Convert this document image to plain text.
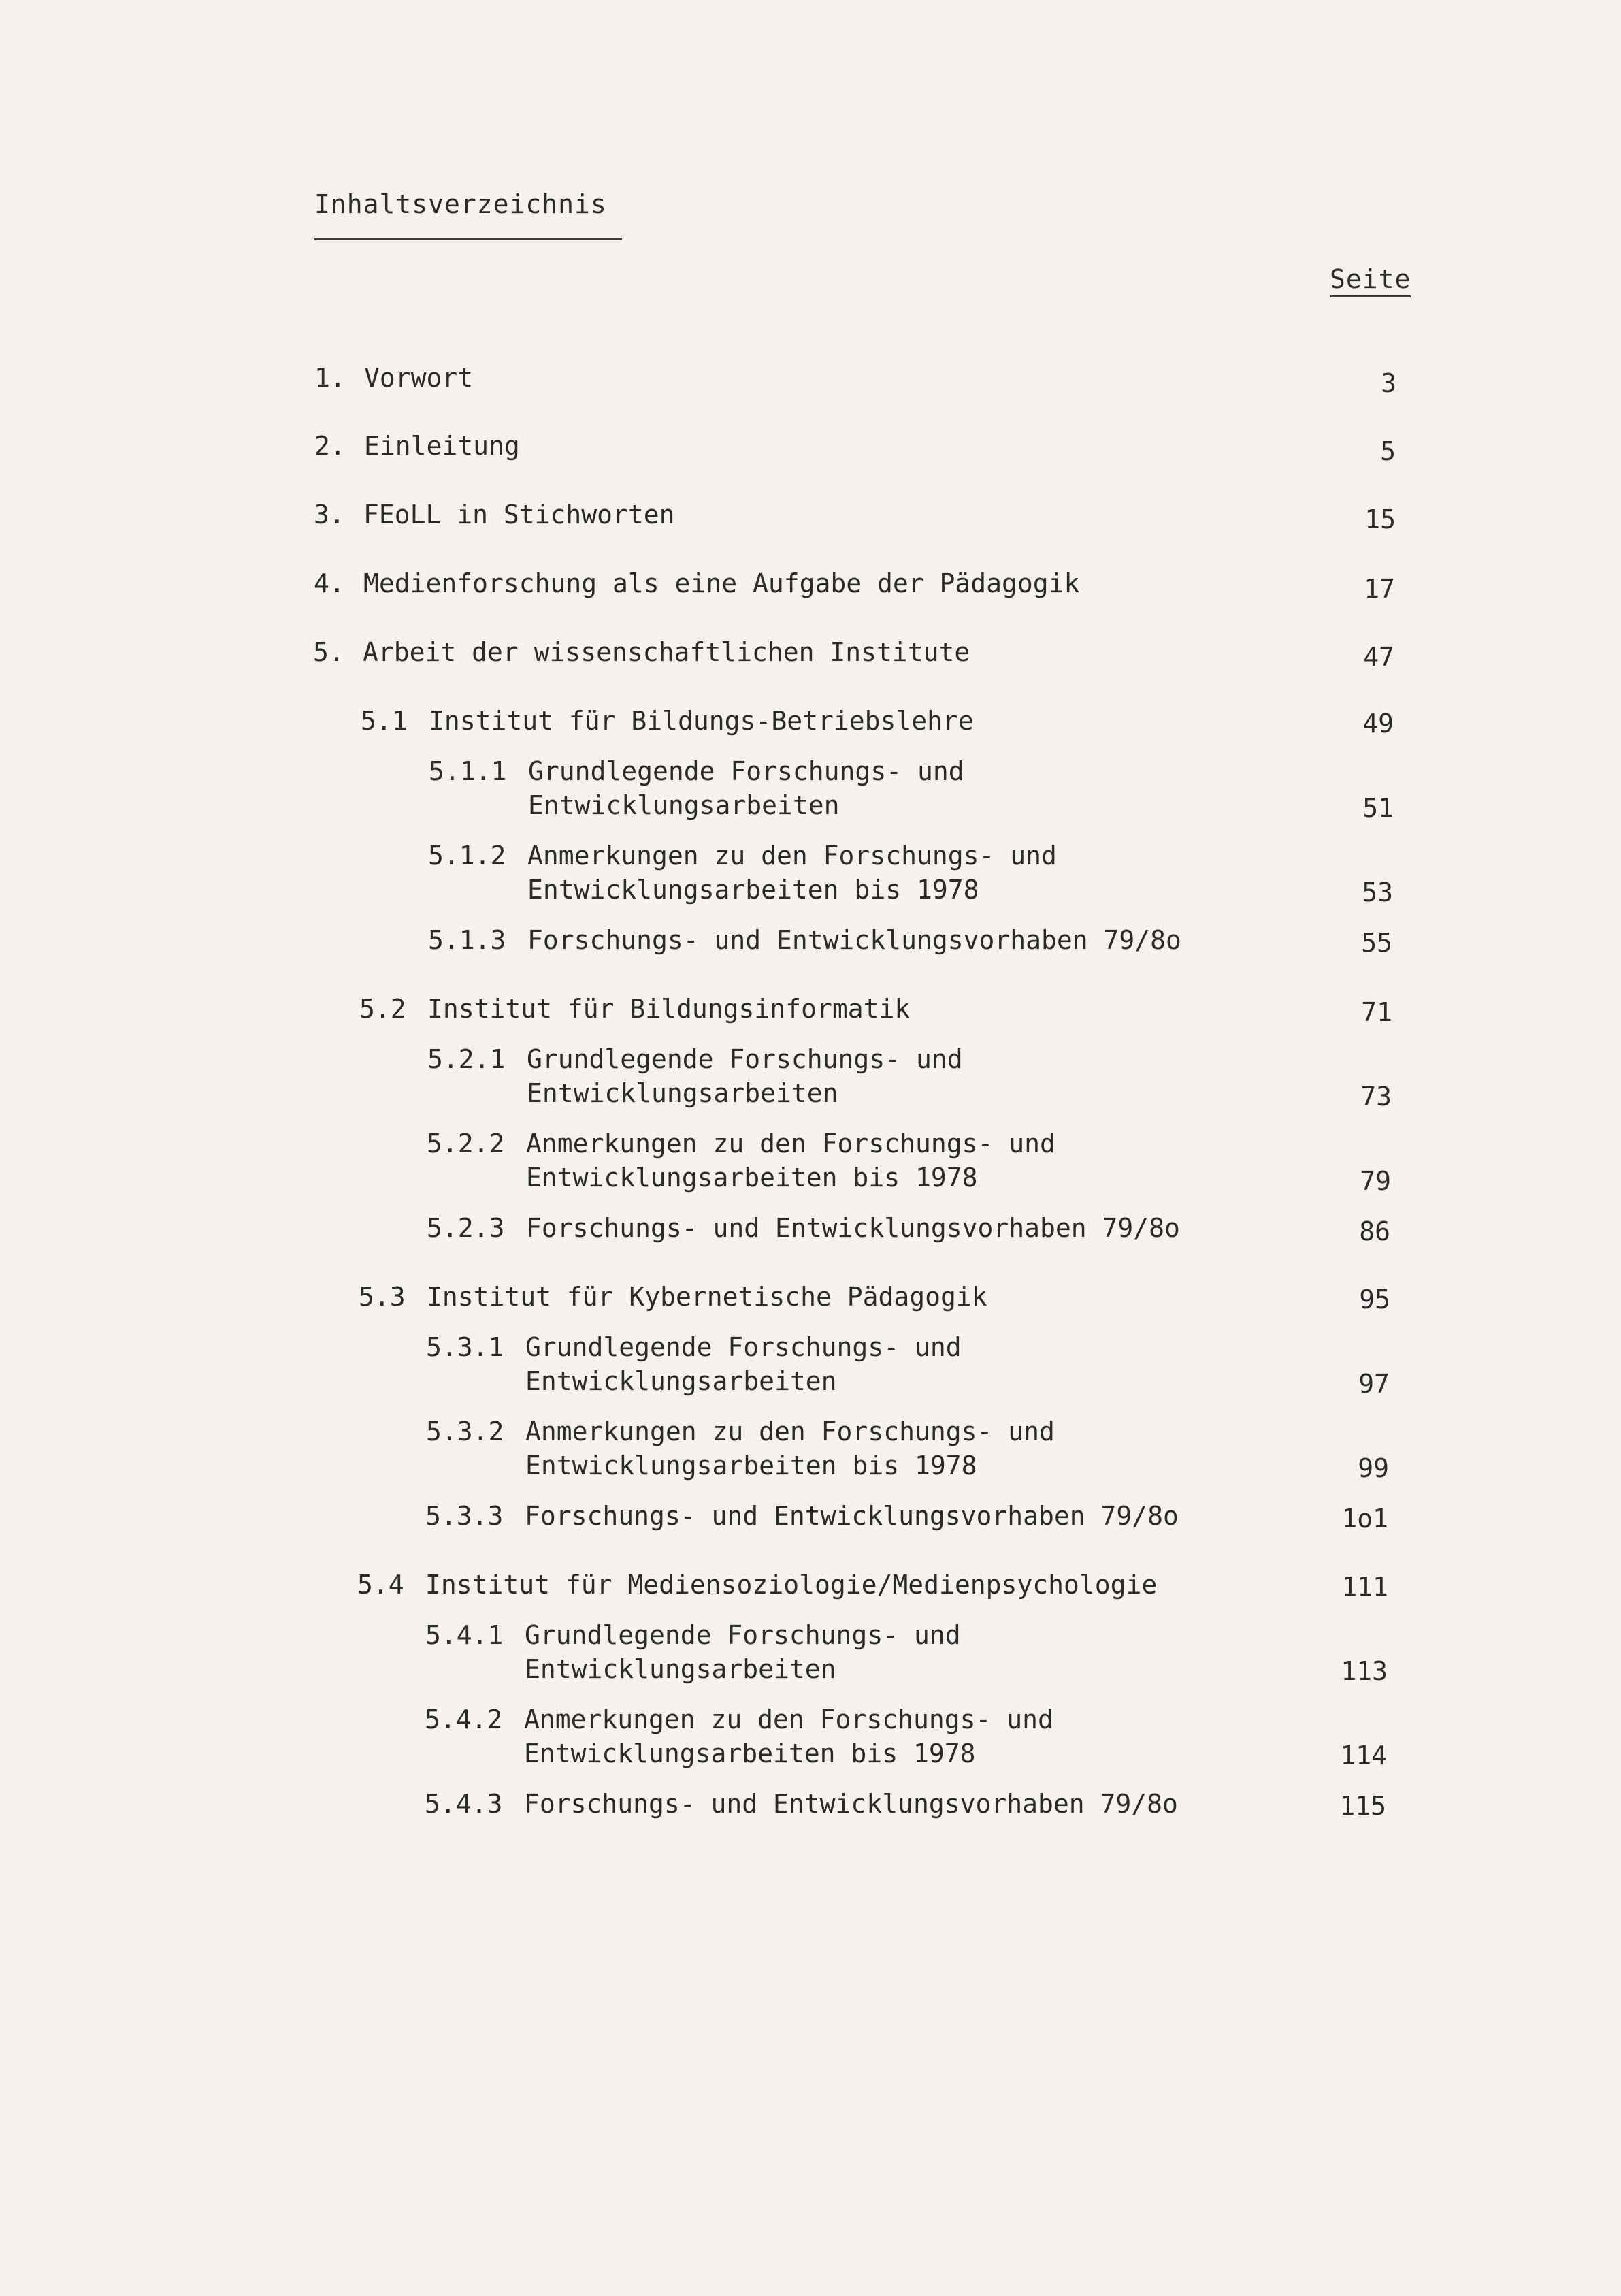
Inhaltsverzeichnis
Seite
1. Vorwort	3
2. Einleitung	5
3. FEoLL in Stichworten	15
4. Medienforschung als eine Aufgabe der Pädagogik	17
5. Arbeit der wissenschaftlichen Institute	47
5.1 Institut für Bildungs-Betriebslehre	49
5.1.1 Grundlegende Forschungs- und
Entwicklungsarbeiten	51
5.1.2 Anmerkungen zu den Forschungs- und
Entwicklungsarbeiten bis 1978	53
5.1.3 Forschungs- und Entwicklungsvorhaben 79/8o	55
5.2 Institut für Bildungsinformatik	71
5.2.1 Grundlegende Forschungs- und
Entwicklungsarbeiten	73
5.2.2 Anmerkungen zu den Forschungs- und
Entwicklungsarbeiten bis 1978	79
5.2.3 Forschungs- und Entwicklungsvorhaben 79/8o	86
5.3 Institut für Kybernetische Pädagogik	95
5.3.1 Grundlegende Forschungs- und
Entwicklungsarbeiten	97
5.3.2 Anmerkungen zu den Forschungs- und
Entwicklungsarbeiten bis 1978	99
5.3.3 Forschungs- und Entwicklungsvorhaben 79/8o	1o1
5.4 Institut für Mediensoziologie/Medienpsychologie	111
5.4.1 Grundlegende Forschungs- und
Entwicklungsarbeiten	113
5.4.2 Anmerkungen zu den Forschungs- und
Entwicklungsarbeiten bis 1978	114
5.4.3 Forschungs- und Entwicklungsvorhaben 79/8o	115
